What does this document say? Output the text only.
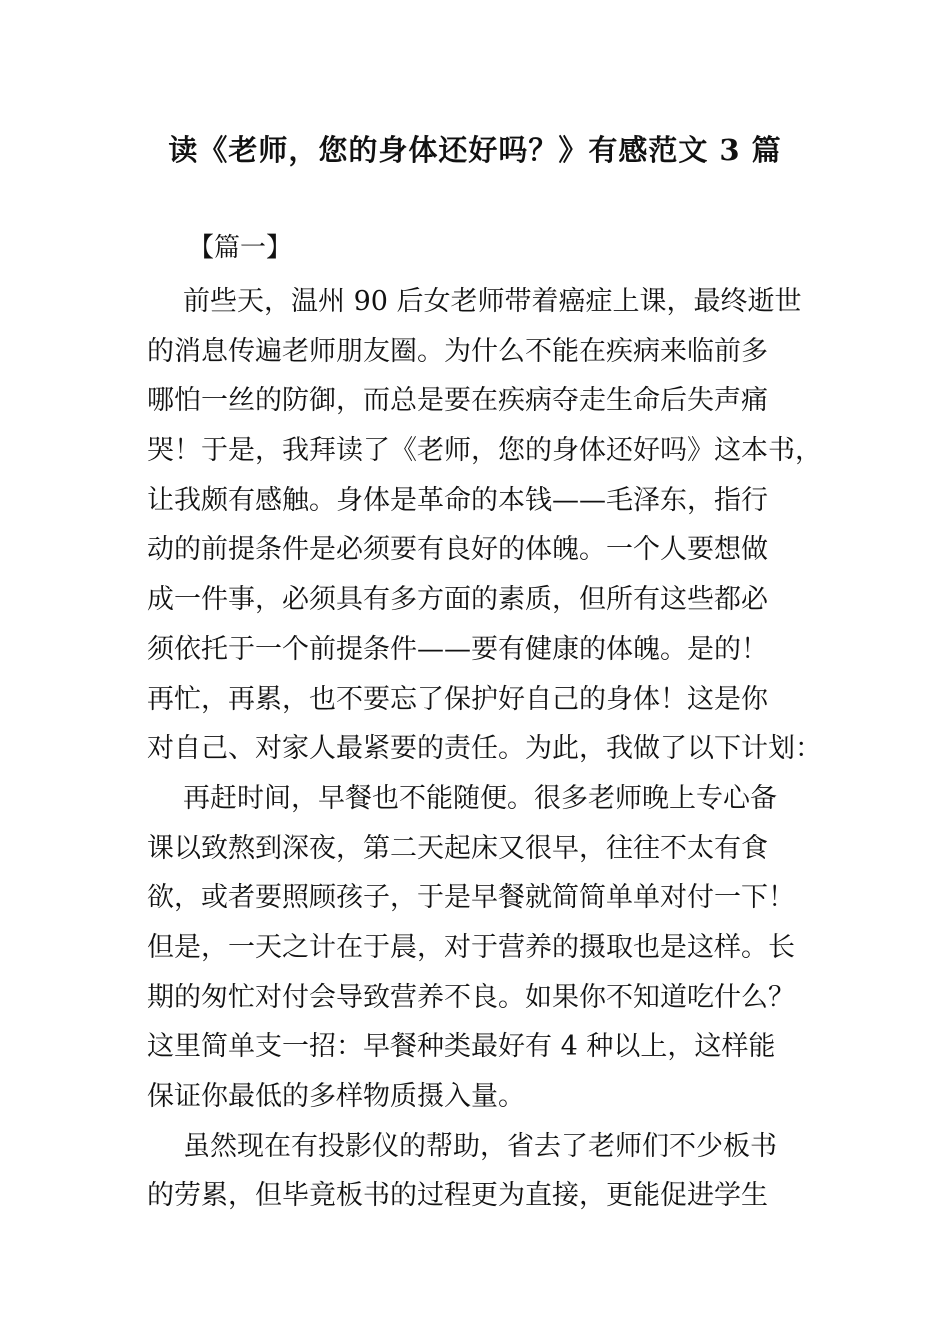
读《老师，您的身体还好吗？》有感范文 3 篇
【篇一】
前些天，温州 90 后女老师带着癌症上课，最终逝世
的消息传遍老师朋友圈。为什么不能在疾病来临前多
哪怕一丝的防御，而总是要在疾病夺走生命后失声痛
哭！于是，我拜读了《老师，您的身体还好吗》这本书，
让我颇有感触。身体是革命的本钱——毛泽东，指行
动的前提条件是必须要有良好的体魄。一个人要想做
成一件事，必须具有多方面的素质，但所有这些都必
须依托于一个前提条件——要有健康的体魄。是的！
再忙，再累，也不要忘了保护好自己的身体！这是你
对自己、对家人最紧要的责任。为此，我做了以下计划：
再赶时间，早餐也不能随便。很多老师晚上专心备
课以致熬到深夜，第二天起床又很早，往往不太有食
欲，或者要照顾孩子，于是早餐就简简单单对付一下！
但是，一天之计在于晨，对于营养的摄取也是这样。长
期的匆忙对付会导致营养不良。如果你不知道吃什么？
这里简单支一招：早餐种类最好有 4 种以上，这样能
保证你最低的多样物质摄入量。
虽然现在有投影仪的帮助，省去了老师们不少板书
的劳累，但毕竟板书的过程更为直接，更能促进学生
